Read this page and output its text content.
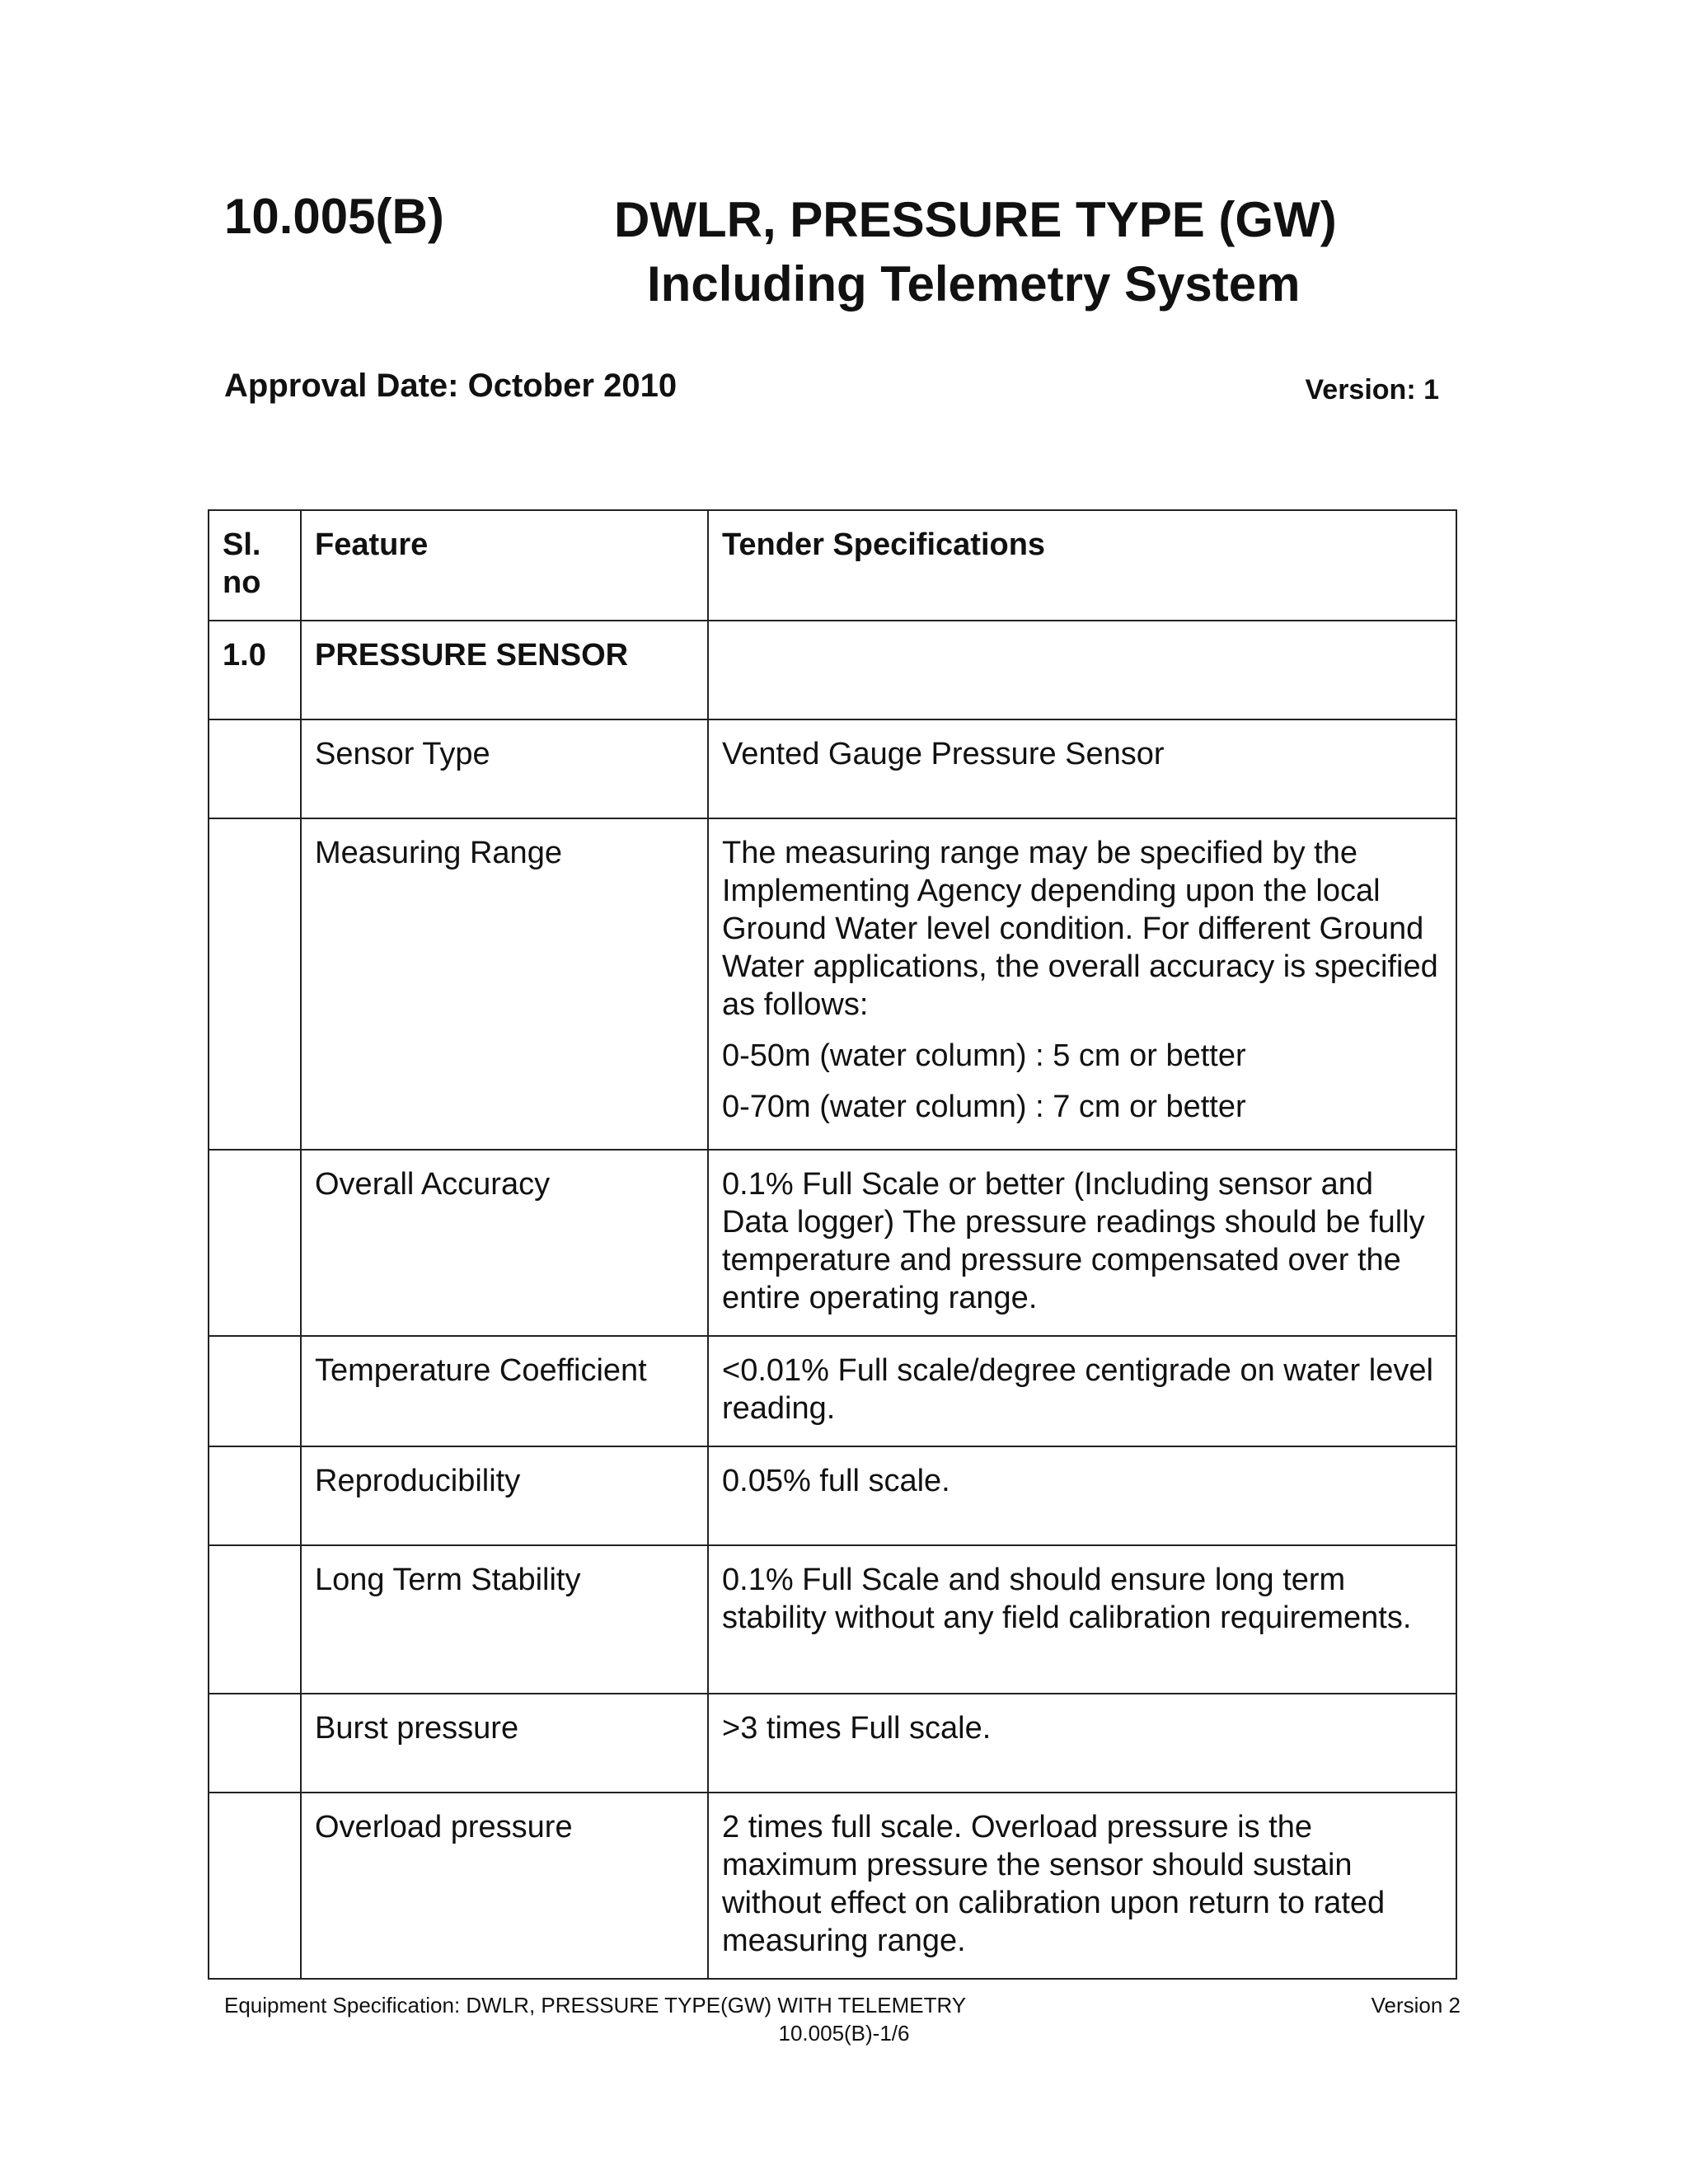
10.005(B)	DWLR, PRESSURE TYPE (GW)
Including Telemetry System
Approval Date: October 2010	Version: 1
Sl. no	Feature	Tender Specifications
1.0	PRESSURE SENSOR	
	Sensor Type	Vented Gauge Pressure Sensor
	Measuring Range	The measuring range may be specified by the Implementing Agency depending upon the local Ground Water level condition. For different Ground Water applications, the overall accuracy is specified as follows:
0-50m (water column) : 5 cm or better
0-70m (water column) : 7 cm or better

	Overall Accuracy	0.1% Full Scale or better (Including sensor and Data logger) The pressure readings should be fully temperature and pressure compensated over the entire operating range.
	Temperature Coefficient	<0.01% Full scale/degree centigrade on water level reading.
	Reproducibility	0.05% full scale.
	Long Term Stability	0.1% Full Scale and should ensure long term stability without any field calibration requirements.
	Burst pressure	>3 times Full scale.
	Overload pressure	2 times full scale. Overload pressure is the maximum pressure the sensor should sustain without effect on calibration upon return to rated measuring range.
Equipment Specification: DWLR, PRESSURE TYPE(GW) WITH TELEMETRY	Version 2
10.005(B)-1/6
